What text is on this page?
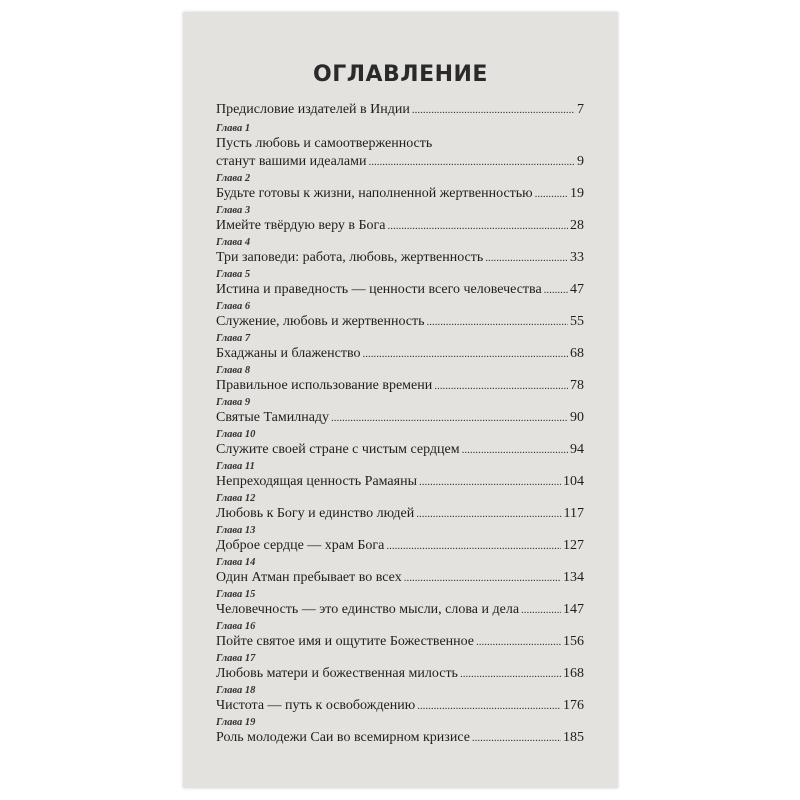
ОГЛАВЛЕНИЕ
Предисловие издателей в Индии .....	7
Глава 1
Пусть любовь и самоотверженность
станут вашими идеалами .....	9
Глава 2
Будьте готовы к жизни, наполненной жертвенностью .....	19
Глава 3
Имейте твёрдую веру в Бога .....	28
Глава 4
Три заповеди: работа, любовь, жертвенность .....	33
Глава 5
Истина и праведность — ценности всего человечества ..... 47
Глава 6
Служение, любовь и жертвенность .....	55
Глава 7
Бхаджаны и блаженство .....	68
Глава 8
Правильное использование времени .....	78
Глава 9
Святые Тамилнаду .....	90
Глава 10
Служите своей стране с чистым сердцем .....	94
Глава 11
Непреходящая ценность Рамаяны .....	104
Глава 12
Любовь к Богу и единство людей .....	117
Глава 13
Доброе сердце — храм Бога .....	127
Глава 14
Один Атман пребывает во всех .....	134
Глава 15
Человечность — это единство мысли, слова и дела .....	147
Глава 16
Пойте святое имя и ощутите Божественное .....	156
Глава 17
Любовь матери и божественная милость .....	168
Глава 18
Чистота — путь к освобождению .....	176
Глава 19
Роль молодежи Саи во всемирном кризисе .....	185
